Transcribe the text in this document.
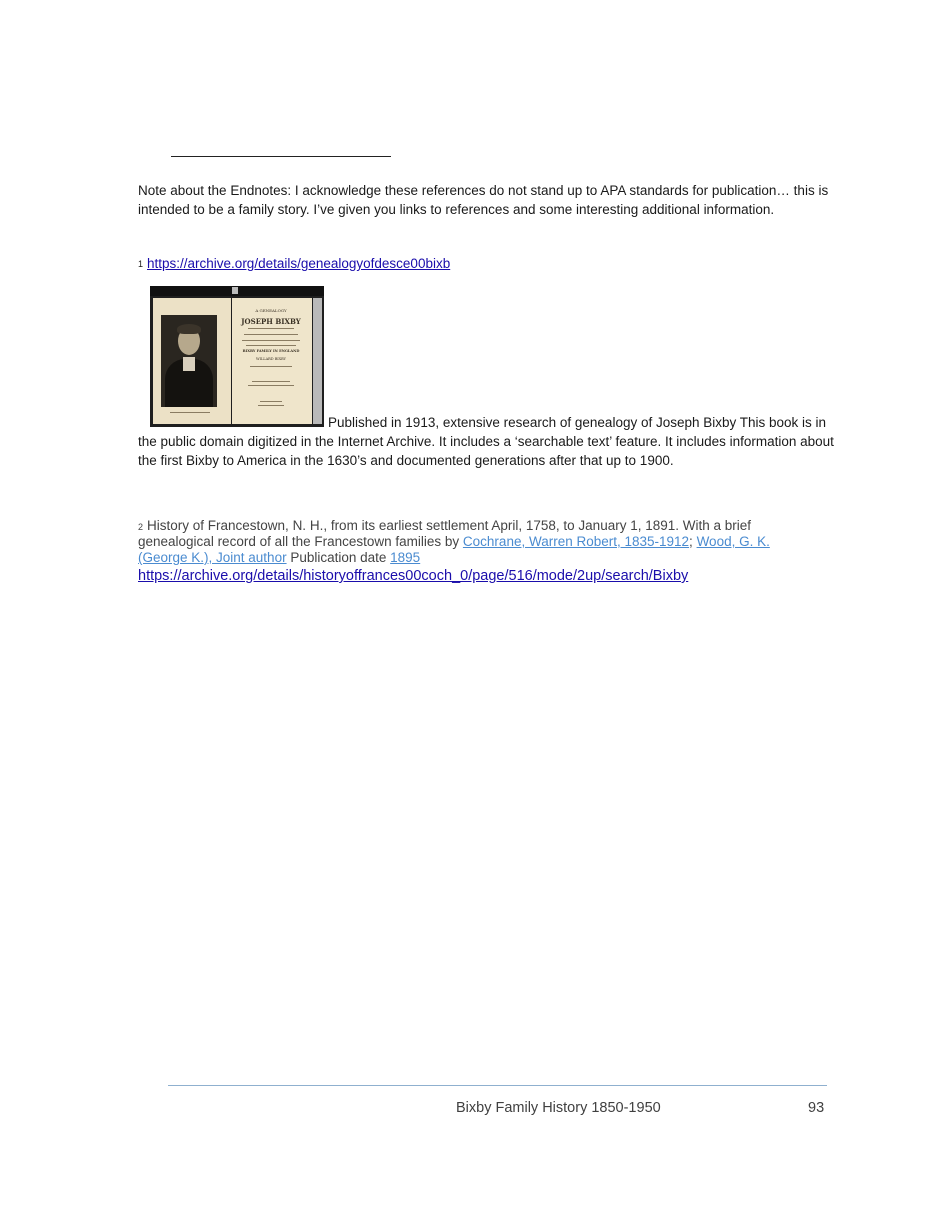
Note about the Endnotes: I acknowledge these references do not stand up to APA standards for publication… this is intended to be a family story. I’ve given you links to references and some interesting additional information.
$^1$ https://archive.org/details/genealogyofdesce00bixb
A GENEALOGY
JOSEPH BIXBY
BIXBY FAMILY IN ENGLAND
WILLARD BIXBY
Published in 1913, extensive research of genealogy of Joseph Bixby This book is in the public domain digitized in the Internet Archive. It includes a ‘searchable text’ feature. It includes information about the first Bixby to America in the 1630’s and documented generations after that up to 1900.
$^2$ History of Francestown, N. H., from its earliest settlement April, 1758, to January 1, 1891. With a brief genealogical record of all the Francestown families by Cochrane, Warren Robert, 1835-1912; Wood, G. K. (George K.), Joint author Publication date 1895
https://archive.org/details/historyoffrances00coch_0/page/516/mode/2up/search/Bixby
Bixby Family History 1850-1950	93
